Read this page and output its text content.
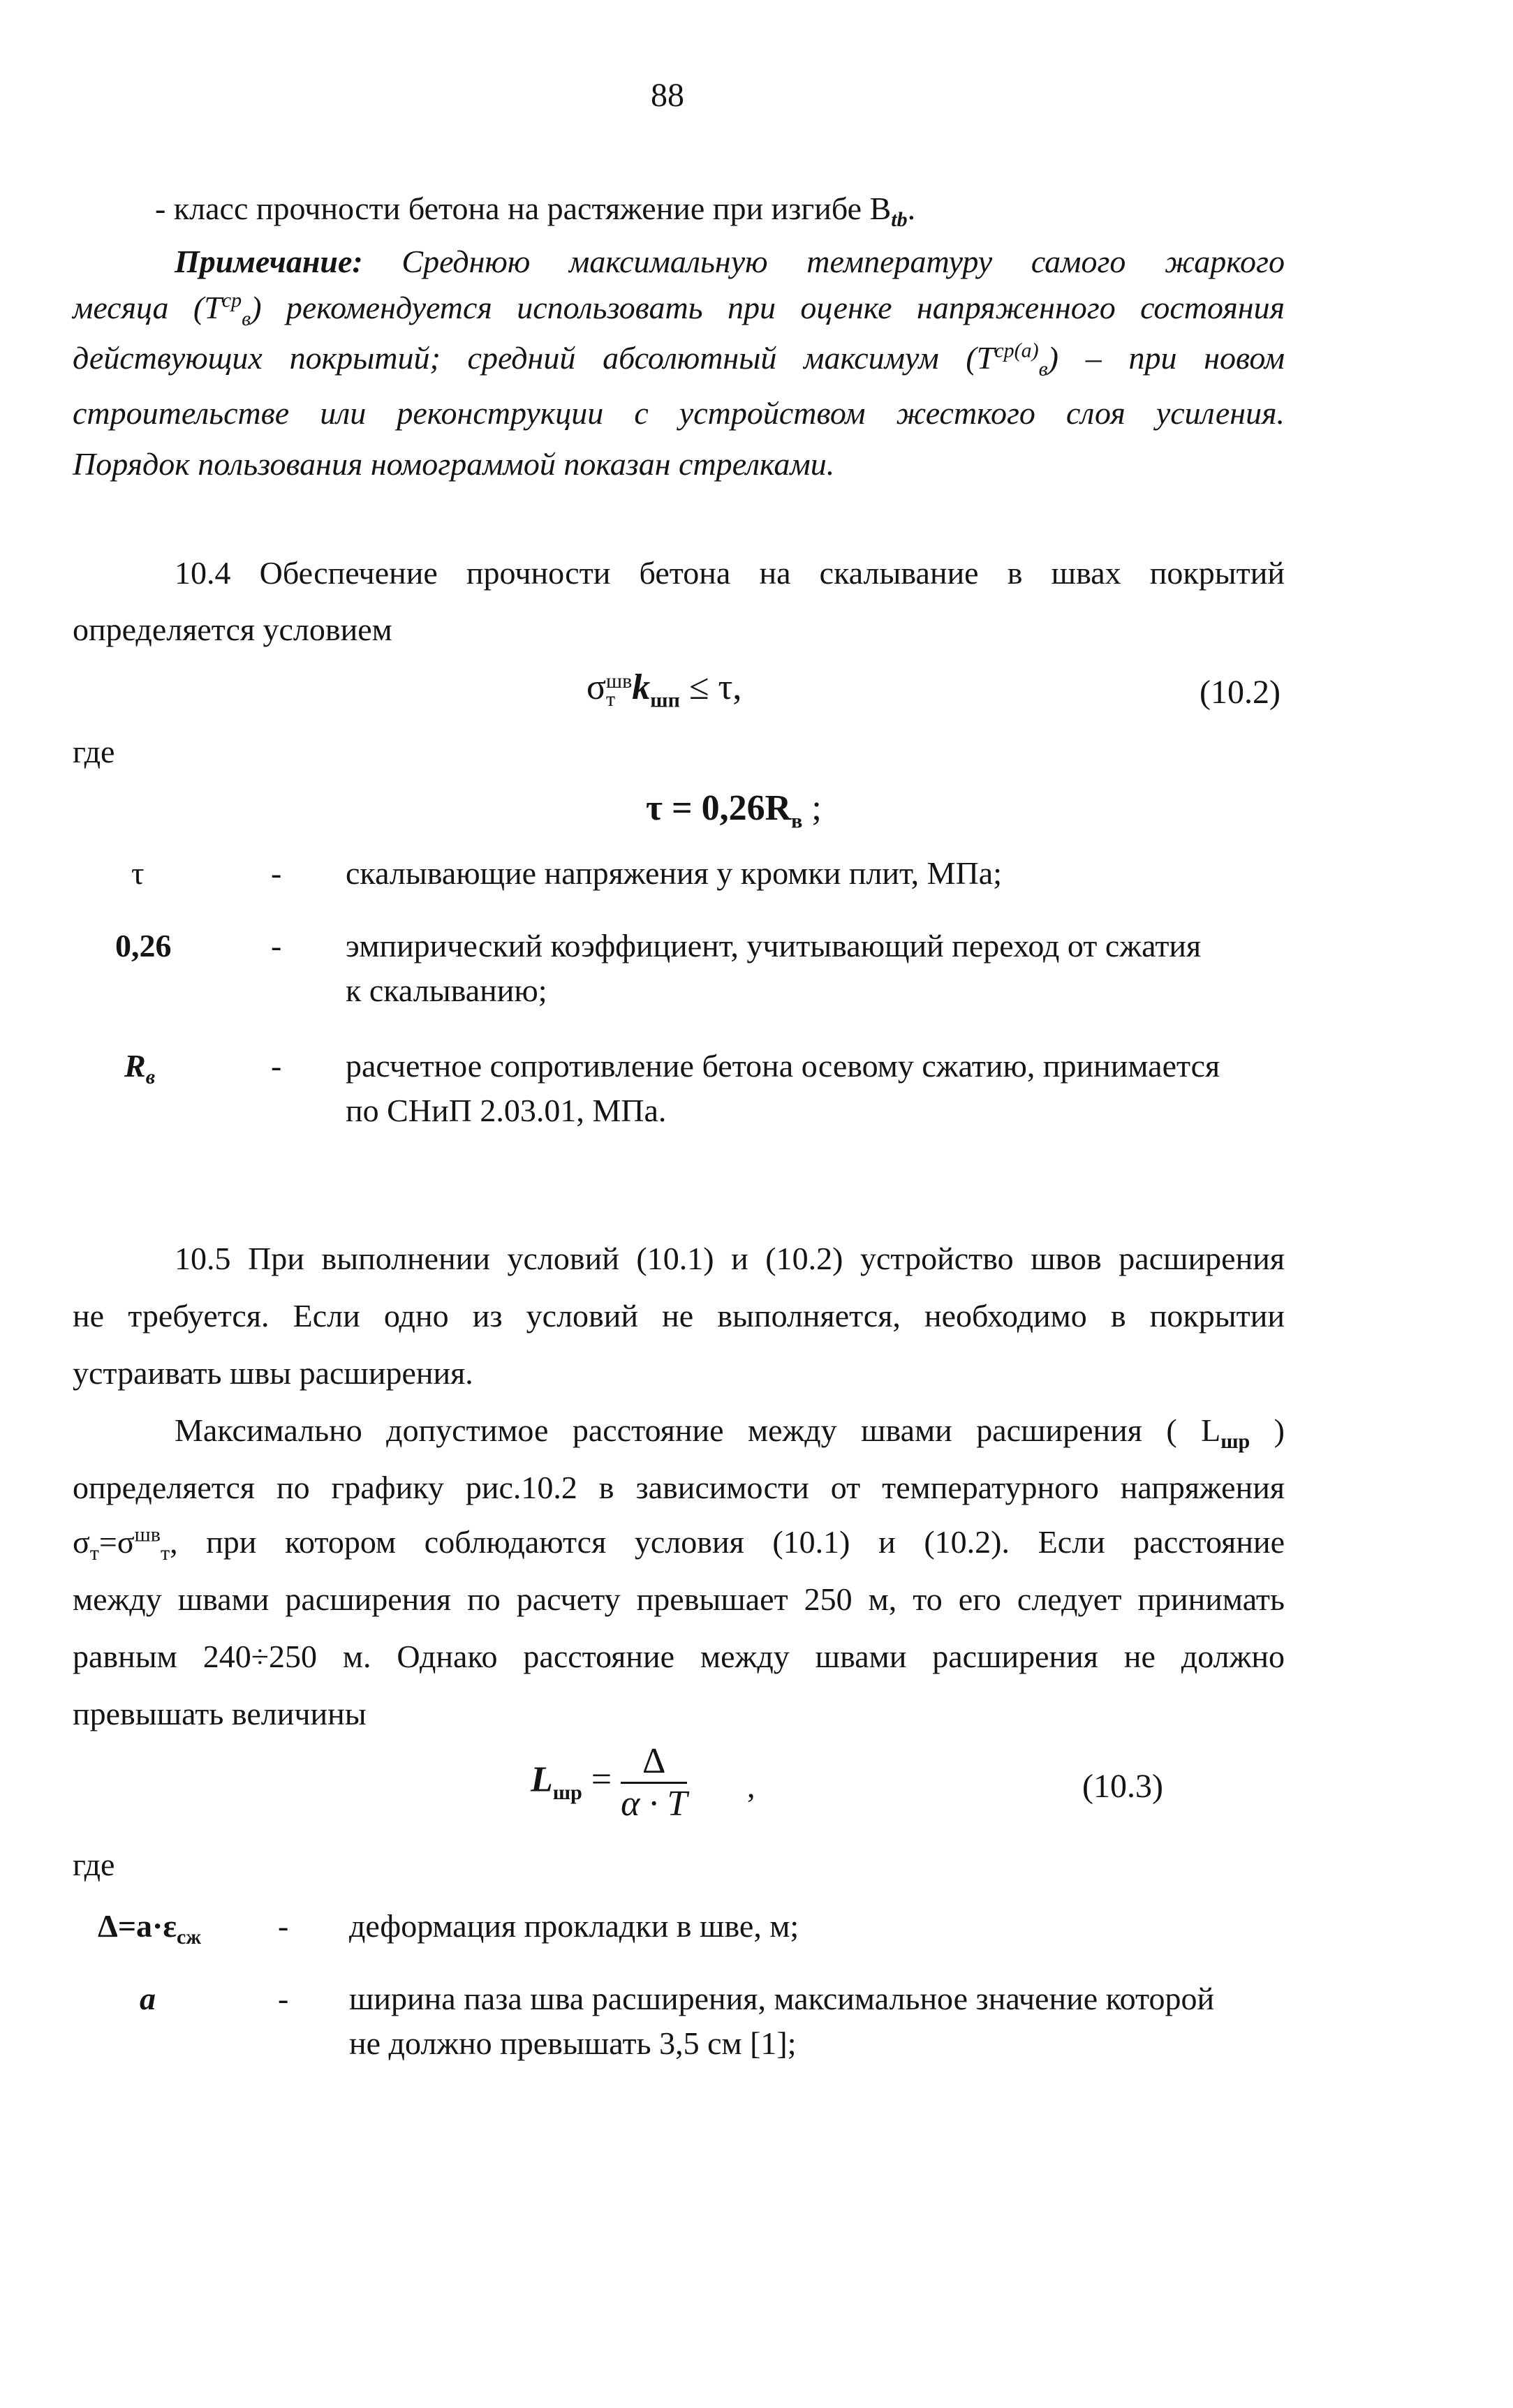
88
- класс прочности бетона на растяжение при изгибе $B_{tb}$.
Примечание: Среднюю максимальную температуру самого жаркого
месяца $(T^{ср}_в)$ рекомендуется использовать при оценке напряженного состояния
действующих покрытий; средний абсолютный максимум $(T^{ср(а)}_в)$ – при новом
строительстве или реконструкции с устройством жесткого слоя усиления.
Порядок пользования номограммой показан стрелками.
10.4 Обеспечение прочности бетона на скалывание в швах покрытий
определяется условием
σ шв
т $k_{шп} \le \tau$,	(10.2)
где
$\tau = 0,26R_в$ ;
τ	- скалывающие напряжения у кромки плит, МПа;
0,26	- эмпирический коэффициент, учитывающий переход от сжатия
к скалыванию;
$R_в$	- расчетное сопротивление бетона осевому сжатию, принимается
по СНиП 2.03.01, МПа.
10.5 При выполнении условий (10.1) и (10.2) устройство швов расширения
не требуется. Если одно из условий не выполняется, необходимо в покрытии
устраивать швы расширения.
Максимально допустимое расстояние между швами расширения ( $L_{шр}$ )
определяется по графику рис.10.2 в зависимости от температурного напряжения
$\sigma_т=\sigma^{шв}_т$, при котором соблюдаются условия (10.1) и (10.2). Если расстояние
между швами расширения по расчету превышает 250 м, то его следует принимать
равным 240÷250 м. Однако расстояние между швами расширения не должно
превышать величины
$L_{шр} = \frac{\Delta}{\alpha \cdot T}$ ,	(10.3)
где
$\Delta=a\cdot\varepsilon_{сж}$ - деформация прокладки в шве, м;
a	- ширина паза шва расширения, максимальное значение которой
не должно превышать 3,5 см [1];
